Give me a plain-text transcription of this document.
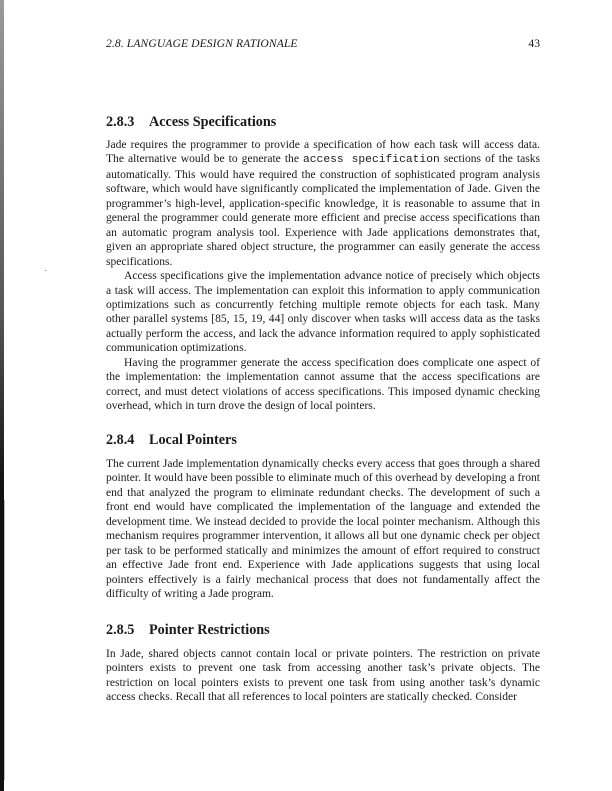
2.8. LANGUAGE DESIGN RATIONALE	43
2.8.3 Access Specifications

Jade requires the programmer to provide a specification of how each task will access data. The alternative would be to generate the access specification sections of the tasks automatically. This would have required the construction of sophisticated program analysis software, which would have significantly complicated the implementation of Jade. Given the programmer’s high-level, application-specific knowledge, it is reasonable to assume that in general the programmer could generate more efficient and precise access specifications than an automatic program analysis tool. Experience with Jade applications demonstrates that, given an appropriate shared object structure, the programmer can easily generate the access specifications.

Access specifications give the implementation advance notice of precisely which objects a task will access. The implementation can exploit this information to apply communication optimizations such as concurrently fetching multiple remote objects for each task. Many other parallel systems [85, 15, 19, 44] only discover when tasks will access data as the tasks actually perform the access, and lack the advance information required to apply sophisticated communication optimizations.

Having the programmer generate the access specification does complicate one aspect of the implementation: the implementation cannot assume that the access specifications are correct, and must detect violations of access specifications. This imposed dynamic checking overhead, which in turn drove the design of local pointers.

2.8.4 Local Pointers

The current Jade implementation dynamically checks every access that goes through a shared pointer. It would have been possible to eliminate much of this overhead by developing a front end that analyzed the program to eliminate redundant checks. The development of such a front end would have complicated the implementation of the language and extended the development time. We instead decided to provide the local pointer mechanism. Although this mechanism requires programmer intervention, it allows all but one dynamic check per object per task to be performed statically and minimizes the amount of effort required to construct an effective Jade front end. Experience with Jade applications suggests that using local pointers effectively is a fairly mechanical process that does not fundamentally affect the difficulty of writing a Jade program.

2.8.5 Pointer Restrictions

In Jade, shared objects cannot contain local or private pointers. The restriction on private pointers exists to prevent one task from accessing another task’s private objects. The restriction on local pointers exists to prevent one task from using another task’s dynamic access checks. Recall that all references to local pointers are statically checked. Consider
